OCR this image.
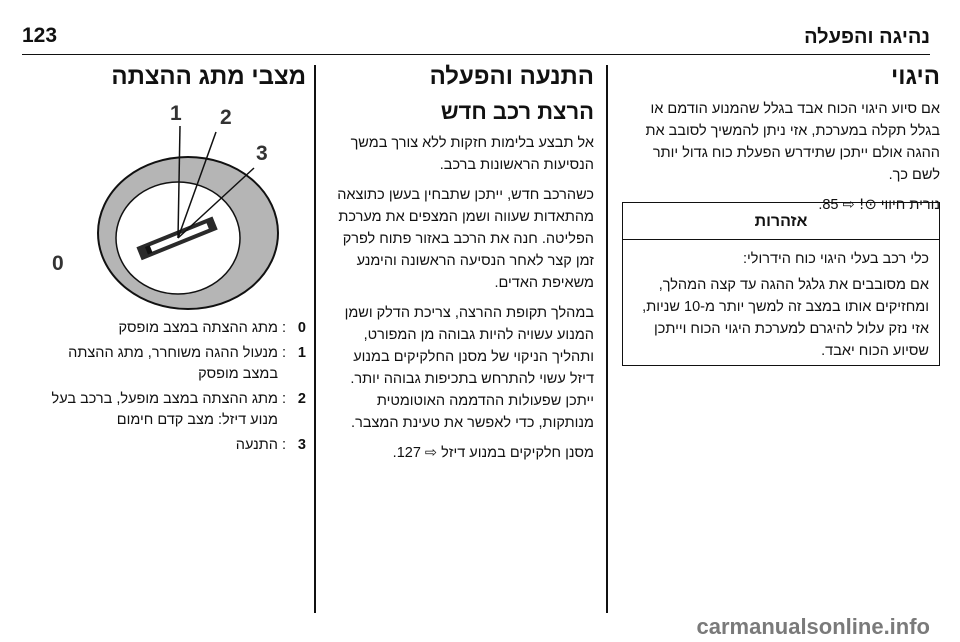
נהיגה והפעלה
123
היגוי

אם סיוע היגוי הכוח אבד בגלל שהמנוע הודמם או בגלל תקלה במערכת, אזי ניתן להמשיך לסובב את ההגה אולם ייתכן שתידרש הפעלת כוח גדול יותר לשם כך.

נורית חיווי ⊙! ⇨ 85.

אזהרות

כלי רכב בעלי היגוי כוח הידרולי:

אם מסובבים את גלגל ההגה עד קצה המהלך, ומחזיקים אותו במצב זה למשך יותר מ-10 שניות, אזי נזק עלול להיגרם למערכת היגוי הכוח וייתכן שסיוע הכוח יאבד.

התנעה והפעלה
הרצת רכב חדש

אל תבצע בלימות חזקות ללא צורך במשך הנסיעות הראשונות ברכב.

כשהרכב חדש, ייתכן שתבחין בעשן כתוצאה מהתאדות שעווה ושמן המצפים את מערכת הפליטה. חנה את הרכב באזור פתוח לפרק זמן קצר לאחר הנסיעה הראשונה והימנע משאיפת האדים.

במהלך תקופת ההרצה, צריכת הדלק ושמן המנוע עשויה להיות גבוהה מן המפורט, ותהליך הניקוי של מסנן החלקיקים במנוע דיזל עשוי להתרחש בתכיפות גבוהה יותר. ייתכן שפעולות ההדממה האוטומטית מנותקות, כדי לאפשר את טעינת המצבר.

מסנן חלקיקים במנוע דיזל ⇨ 127.

מצבי מתג ההצתה
1 2
3
0
0
:
מתג ההצתה במצב מופסק
1
:
מנעול ההגה משוחרר, מתג ההצתה במצב מופסק
2
:
מתג ההצתה במצב מופעל, ברכב בעל מנוע דיזל: מצב קדם חימום
3
:
התנעה
carmanualsonline.info
